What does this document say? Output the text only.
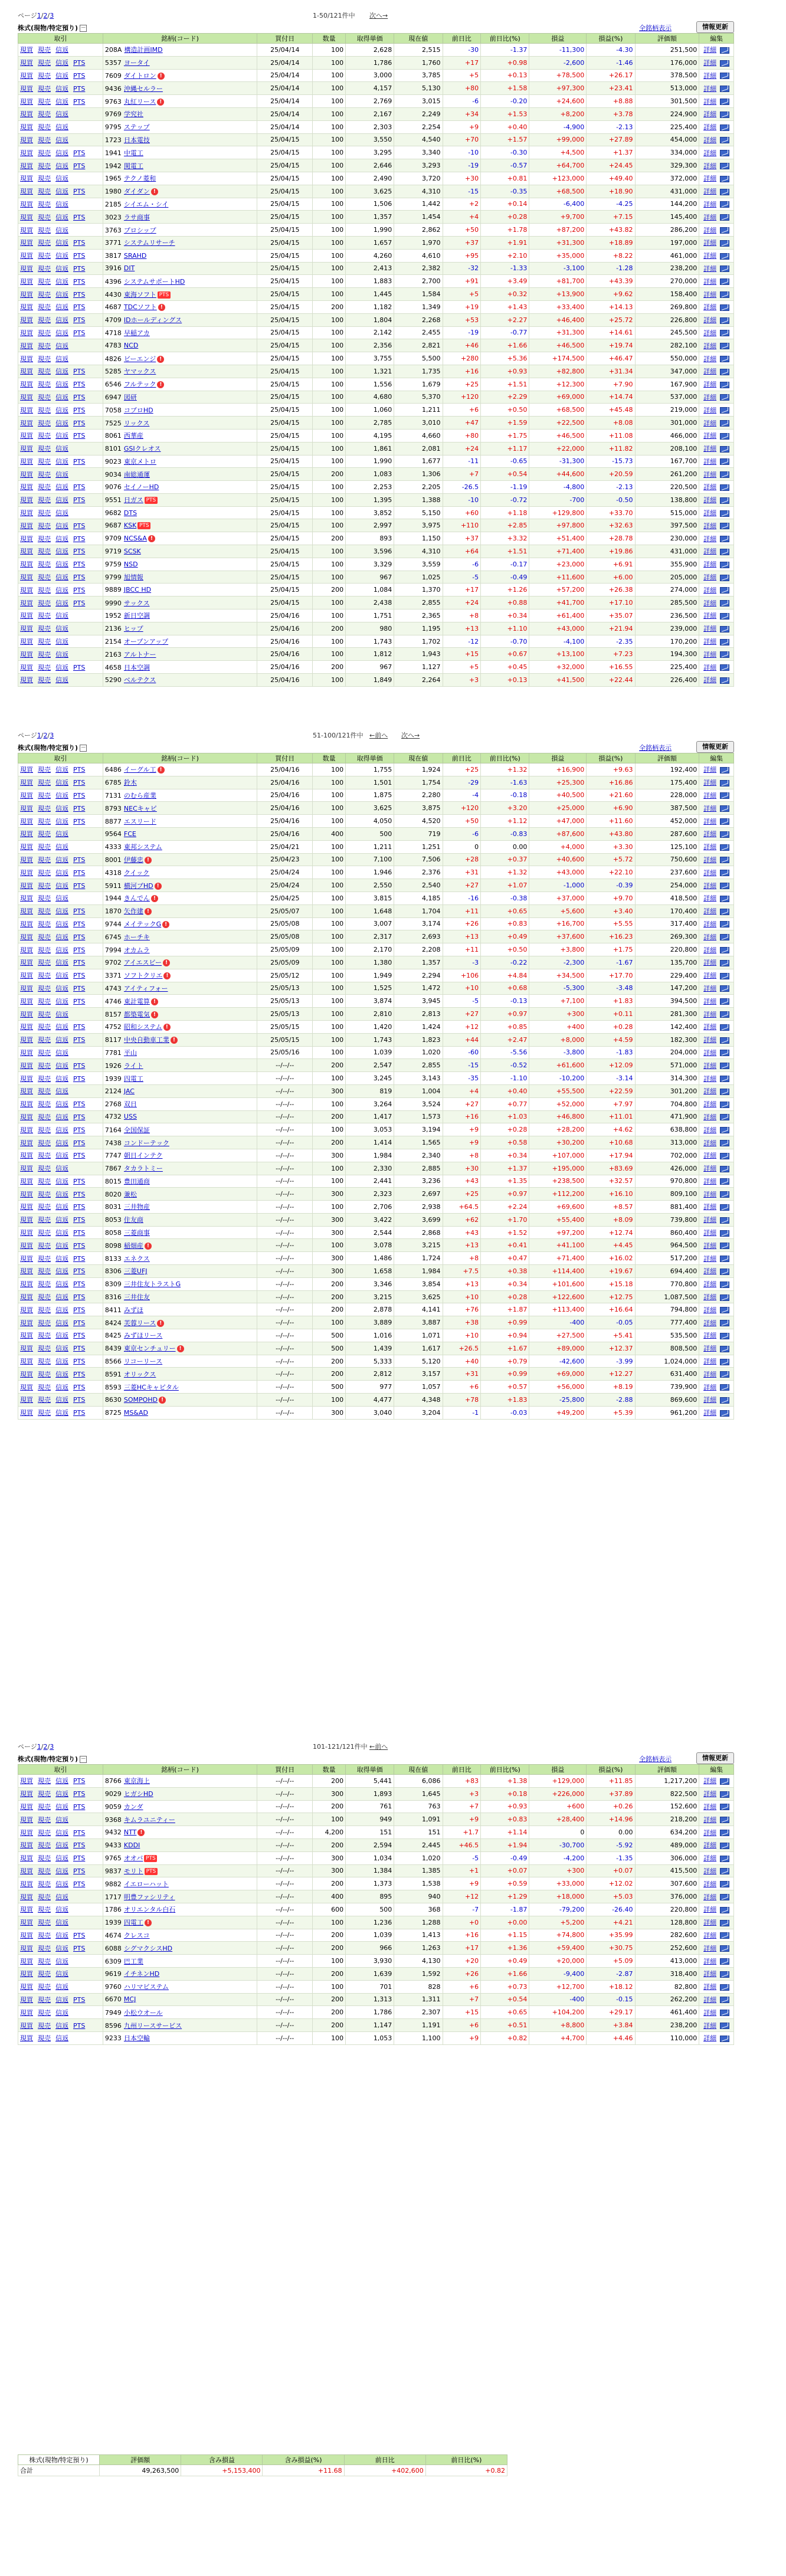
ページ1/2/3	1-50/121件中 次へ→
株式(現物/特定預り) －	全銘柄表示	情報更新
取引	銘柄(コード)	買付日	数量	取得単価	現在値	前日比	前日比(%)	損益	損益(%)	評価額	編集
現買 現売 信返	208A 構造計画IMD	25/04/14	100	2,628	2,515	-30	-1.37	-11,300	-4.30	251,500	詳細
現買 現売 信返 PTS	5357 ヨータイ	25/04/14	100	1,786	1,760	+17	+0.98	-2,600	-1.46	176,000	詳細
現買 現売 信返 PTS	7609 ダイトロン !	25/04/14	100	3,000	3,785	+5	+0.13	+78,500	+26.17	378,500	詳細
現買 現売 信返 PTS	9436 沖縄セルラー	25/04/14	100	4,157	5,130	+80	+1.58	+97,300	+23.41	513,000	詳細
現買 現売 信返 PTS	9763 丸紅リース !	25/04/14	100	2,769	3,015	-6	-0.20	+24,600	+8.88	301,500	詳細
現買 現売 信返	9769 学究社	25/04/14	100	2,167	2,249	+34	+1.53	+8,200	+3.78	224,900	詳細
現買 現売 信返	9795 ステップ	25/04/14	100	2,303	2,254	+9	+0.40	-4,900	-2.13	225,400	詳細
現買 現売 信返	1723 日本電技	25/04/15	100	3,550	4,540	+70	+1.57	+99,000	+27.89	454,000	詳細
現買 現売 信返 PTS	1941 中電工	25/04/15	100	3,295	3,340	-10	-0.30	+4,500	+1.37	334,000	詳細
現買 現売 信返 PTS	1942 関電工	25/04/15	100	2,646	3,293	-19	-0.57	+64,700	+24.45	329,300	詳細
現買 現売 信返	1965 テクノ菱和	25/04/15	100	2,490	3,720	+30	+0.81	+123,000	+49.40	372,000	詳細
現買 現売 信返 PTS	1980 ダイダン !	25/04/15	100	3,625	4,310	-15	-0.35	+68,500	+18.90	431,000	詳細
現買 現売 信返	2185 シイエム・シイ	25/04/15	100	1,506	1,442	+2	+0.14	-6,400	-4.25	144,200	詳細
現買 現売 信返 PTS	3023 ラサ商事	25/04/15	100	1,357	1,454	+4	+0.28	+9,700	+7.15	145,400	詳細
現買 現売 信返	3763 プロシップ	25/04/15	100	1,990	2,862	+50	+1.78	+87,200	+43.82	286,200	詳細
現買 現売 信返 PTS	3771 システムリサーチ	25/04/15	100	1,657	1,970	+37	+1.91	+31,300	+18.89	197,000	詳細
現買 現売 信返 PTS	3817 SRAHD	25/04/15	100	4,260	4,610	+95	+2.10	+35,000	+8.22	461,000	詳細
現買 現売 信返 PTS	3916 DIT	25/04/15	100	2,413	2,382	-32	-1.33	-3,100	-1.28	238,200	詳細
現買 現売 信返 PTS	4396 システムサポートHD	25/04/15	100	1,883	2,700	+91	+3.49	+81,700	+43.39	270,000	詳細
現買 現売 信返 PTS	4430 東海ソフト PTS	25/04/15	100	1,445	1,584	+5	+0.32	+13,900	+9.62	158,400	詳細
現買 現売 信返 PTS	4687 TDCソフト !	25/04/15	200	1,182	1,349	+19	+1.43	+33,400	+14.13	269,800	詳細
現買 現売 信返 PTS	4709 IDホールディングス	25/04/15	100	1,804	2,268	+53	+2.27	+46,400	+25.72	226,800	詳細
現買 現売 信返 PTS	4718 早稲アカ	25/04/15	100	2,142	2,455	-19	-0.77	+31,300	+14.61	245,500	詳細
現買 現売 信返	4783 NCD	25/04/15	100	2,356	2,821	+46	+1.66	+46,500	+19.74	282,100	詳細
現買 現売 信返	4826 ビーエンジ !	25/04/15	100	3,755	5,500	+280	+5.36	+174,500	+46.47	550,000	詳細
現買 現売 信返 PTS	5285 ヤマックス	25/04/15	100	1,321	1,735	+16	+0.93	+82,800	+31.34	347,000	詳細
現買 現売 信返 PTS	6546 フルテック !	25/04/15	100	1,556	1,679	+25	+1.51	+12,300	+7.90	167,900	詳細
現買 現売 信返 PTS	6947 図研	25/04/15	100	4,680	5,370	+120	+2.29	+69,000	+14.74	537,000	詳細
現買 現売 信返 PTS	7058 コプロHD	25/04/15	100	1,060	1,211	+6	+0.50	+68,500	+45.48	219,000	詳細
現買 現売 信返 PTS	7525 リックス	25/04/15	100	2,785	3,010	+47	+1.59	+22,500	+8.08	301,000	詳細
現買 現売 信返 PTS	8061 西華産	25/04/15	100	4,195	4,660	+80	+1.75	+46,500	+11.08	466,000	詳細
現買 現売 信返	8101 GSIクレオス	25/04/15	100	1,861	2,081	+24	+1.17	+22,000	+11.82	208,100	詳細
現買 現売 信返 PTS	9023 東京メトロ	25/04/15	100	1,990	1,677	-11	-0.65	-31,300	-15.73	167,700	詳細
現買 現売 信返	9034 南総通運	25/04/15	200	1,083	1,306	+7	+0.54	+44,600	+20.59	261,200	詳細
現買 現売 信返 PTS	9076 セイノーHD	25/04/15	100	2,253	2,205	-26.5	-1.19	-4,800	-2.13	220,500	詳細
現買 現売 信返 PTS	9551 日ガス PTS	25/04/15	100	1,395	1,388	-10	-0.72	-700	-0.50	138,800	詳細
現買 現売 信返	9682 DTS	25/04/15	100	3,852	5,150	+60	+1.18	+129,800	+33.70	515,000	詳細
現買 現売 信返 PTS	9687 KSK PTS	25/04/15	100	2,997	3,975	+110	+2.85	+97,800	+32.63	397,500	詳細
現買 現売 信返 PTS	9709 NCS&A !	25/04/15	200	893	1,150	+37	+3.32	+51,400	+28.78	230,000	詳細
現買 現売 信返 PTS	9719 SCSK	25/04/15	100	3,596	4,310	+64	+1.51	+71,400	+19.86	431,000	詳細
現買 現売 信返 PTS	9759 NSD	25/04/15	100	3,329	3,559	-6	-0.17	+23,000	+6.91	355,900	詳細
現買 現売 信返 PTS	9799 旭情報	25/04/15	100	967	1,025	-5	-0.49	+11,600	+6.00	205,000	詳細
現買 現売 信返 PTS	9889 JBCC HD	25/04/15	200	1,084	1,370	+17	+1.26	+57,200	+26.38	274,000	詳細
現買 現売 信返 PTS	9990 サックス	25/04/15	100	2,438	2,855	+24	+0.88	+41,700	+17.10	285,500	詳細
現買 現売 信返	1952 新日空調	25/04/16	100	1,751	2,365	+8	+0.34	+61,400	+35.07	236,500	詳細
現買 現売 信返	2136 ヒップ	25/04/16	200	980	1,195	+13	+1.10	+43,000	+21.94	239,000	詳細
現買 現売 信返	2154 オープンアップ	25/04/16	100	1,743	1,702	-12	-0.70	-4,100	-2.35	170,200	詳細
現買 現売 信返	2163 アルトナー	25/04/16	100	1,812	1,943	+15	+0.67	+13,100	+7.23	194,300	詳細
現買 現売 信返 PTS	4658 日本空調	25/04/16	200	967	1,127	+5	+0.45	+32,000	+16.55	225,400	詳細
現買 現売 信返	5290 ベルテクス	25/04/16	100	1,849	2,264	+3	+0.13	+41,500	+22.44	226,400	詳細
ページ1/2/3	51-100/121件中 ←前へ 次へ→
株式(現物/特定預り) －	全銘柄表示	情報更新
取引	銘柄(コード)	買付日	数量	取得単価	現在値	前日比	前日比(%)	損益	損益(%)	評価額	編集
現買 現売 信返 PTS	6486 イーグル工 !	25/04/16	100	1,755	1,924	+25	+1.32	+16,900	+9.63	192,400	詳細
現買 現売 信返 PTS	6785 鈴木	25/04/16	100	1,501	1,754	-29	-1.63	+25,300	+16.86	175,400	詳細
現買 現売 信返 PTS	7131 のむら産業	25/04/16	100	1,875	2,280	-4	-0.18	+40,500	+21.60	228,000	詳細
現買 現売 信返 PTS	8793 NECキャピ	25/04/16	100	3,625	3,875	+120	+3.20	+25,000	+6.90	387,500	詳細
現買 現売 信返 PTS	8877 エスリード	25/04/16	100	4,050	4,520	+50	+1.12	+47,000	+11.60	452,000	詳細
現買 現売 信返	9564 FCE	25/04/16	400	500	719	-6	-0.83	+87,600	+43.80	287,600	詳細
現買 現売 信返	4333 東邦システム	25/04/21	100	1,211	1,251	0	0.00	+4,000	+3.30	125,100	詳細
現買 現売 信返 PTS	8001 伊藤忠 !	25/04/23	100	7,100	7,506	+28	+0.37	+40,600	+5.72	750,600	詳細
現買 現売 信返 PTS	4318 クイック	25/04/24	100	1,946	2,376	+31	+1.32	+43,000	+22.10	237,600	詳細
現買 現売 信返 PTS	5911 横河ブHD !	25/04/24	100	2,550	2,540	+27	+1.07	-1,000	-0.39	254,000	詳細
現買 現売 信返	1944 きんでん !	25/04/25	100	3,815	4,185	-16	-0.38	+37,000	+9.70	418,500	詳細
現買 現売 信返 PTS	1870 矢作建 !	25/05/07	100	1,648	1,704	+11	+0.65	+5,600	+3.40	170,400	詳細
現買 現売 信返 PTS	9744 メイテックG !	25/05/08	100	3,007	3,174	+26	+0.83	+16,700	+5.55	317,400	詳細
現買 現売 信返 PTS	6745 ホーチキ	25/05/08	100	2,317	2,693	+13	+0.49	+37,600	+16.23	269,300	詳細
現買 現売 信返 PTS	7994 オカムラ	25/05/09	100	2,170	2,208	+11	+0.50	+3,800	+1.75	220,800	詳細
現買 現売 信返 PTS	9702 アイエスビー !	25/05/09	100	1,380	1,357	-3	-0.22	-2,300	-1.67	135,700	詳細
現買 現売 信返 PTS	3371 ソフトクリエ !	25/05/12	100	1,949	2,294	+106	+4.84	+34,500	+17.70	229,400	詳細
現買 現売 信返 PTS	4743 アイティフォー	25/05/13	100	1,525	1,472	+10	+0.68	-5,300	-3.48	147,200	詳細
現買 現売 信返 PTS	4746 東計電算 !	25/05/13	100	3,874	3,945	-5	-0.13	+7,100	+1.83	394,500	詳細
現買 現売 信返	8157 都築電気 !	25/05/13	100	2,810	2,813	+27	+0.97	+300	+0.11	281,300	詳細
現買 現売 信返 PTS	4752 昭和システム !	25/05/15	100	1,420	1,424	+12	+0.85	+400	+0.28	142,400	詳細
現買 現売 信返 PTS	8117 中央自動車工業 !	25/05/15	100	1,743	1,823	+44	+2.47	+8,000	+4.59	182,300	詳細
現買 現売 信返	7781 平山	25/05/16	100	1,039	1,020	-60	-5.56	-3,800	-1.83	204,000	詳細
現買 現売 信返 PTS	1926 ライト	--/--/--	200	2,547	2,855	-15	-0.52	+61,600	+12.09	571,000	詳細
現買 現売 信返 PTS	1939 四電工	--/--/--	100	3,245	3,143	-35	-1.10	-10,200	-3.14	314,300	詳細
現買 現売 信返	2124 JAC	--/--/--	300	819	1,004	+4	+0.40	+55,500	+22.59	301,200	詳細
現買 現売 信返 PTS	2768 双日	--/--/--	100	3,264	3,524	+27	+0.77	+52,000	+7.97	704,800	詳細
現買 現売 信返 PTS	4732 USS	--/--/--	200	1,417	1,573	+16	+1.03	+46,800	+11.01	471,900	詳細
現買 現売 信返 PTS	7164 全国保証	--/--/--	100	3,053	3,194	+9	+0.28	+28,200	+4.62	638,800	詳細
現買 現売 信返 PTS	7438 コンドーテック	--/--/--	200	1,414	1,565	+9	+0.58	+30,200	+10.68	313,000	詳細
現買 現売 信返 PTS	7747 朝日インテク	--/--/--	300	1,984	2,340	+8	+0.34	+107,000	+17.94	702,000	詳細
現買 現売 信返	7867 タカラトミー	--/--/--	100	2,330	2,885	+30	+1.37	+195,000	+83.69	426,000	詳細
現買 現売 信返 PTS	8015 豊田通商	--/--/--	100	2,441	3,236	+43	+1.35	+238,500	+32.57	970,800	詳細
現買 現売 信返 PTS	8020 兼松	--/--/--	300	2,323	2,697	+25	+0.97	+112,200	+16.10	809,100	詳細
現買 現売 信返 PTS	8031 三井物産	--/--/--	100	2,706	2,938	+64.5	+2.24	+69,600	+8.57	881,400	詳細
現買 現売 信返 PTS	8053 住友商	--/--/--	300	3,422	3,699	+62	+1.70	+55,400	+8.09	739,800	詳細
現買 現売 信返 PTS	8058 三菱商事	--/--/--	300	2,544	2,868	+43	+1.52	+97,200	+12.74	860,400	詳細
現買 現売 信返 PTS	8098 稲畑産 !	--/--/--	100	3,078	3,215	+13	+0.41	+41,100	+4.45	964,500	詳細
現買 現売 信返 PTS	8133 エネクス	--/--/--	300	1,486	1,724	+8	+0.47	+71,400	+16.02	517,200	詳細
現買 現売 信返 PTS	8306 三菱UFJ	--/--/--	300	1,658	1,984	+7.5	+0.38	+114,400	+19.67	694,400	詳細
現買 現売 信返 PTS	8309 三井住友トラストG	--/--/--	200	3,346	3,854	+13	+0.34	+101,600	+15.18	770,800	詳細
現買 現売 信返 PTS	8316 三井住友	--/--/--	200	3,215	3,625	+10	+0.28	+122,600	+12.75	1,087,500	詳細
現買 現売 信返 PTS	8411 みずほ	--/--/--	200	2,878	4,141	+76	+1.87	+113,400	+16.64	794,800	詳細
現買 現売 信返 PTS	8424 芙蓉リース !	--/--/--	100	3,889	3,887	+38	+0.99	-400	-0.05	777,400	詳細
現買 現売 信返 PTS	8425 みずほリース	--/--/--	500	1,016	1,071	+10	+0.94	+27,500	+5.41	535,500	詳細
現買 現売 信返 PTS	8439 東京センチュリー !	--/--/--	500	1,439	1,617	+26.5	+1.67	+89,000	+12.37	808,500	詳細
現買 現売 信返 PTS	8566 リコーリース	--/--/--	200	5,333	5,120	+40	+0.79	-42,600	-3.99	1,024,000	詳細
現買 現売 信返 PTS	8591 オリックス	--/--/--	200	2,812	3,157	+31	+0.99	+69,000	+12.27	631,400	詳細
現買 現売 信返 PTS	8593 三菱HCキャピタル	--/--/--	500	977	1,057	+6	+0.57	+56,000	+8.19	739,900	詳細
現買 現売 信返 PTS	8630 SOMPOHD !	--/--/--	100	4,477	4,348	+78	+1.83	-25,800	-2.88	869,600	詳細
現買 現売 信返 PTS	8725 MS&AD	--/--/--	300	3,040	3,204	-1	-0.03	+49,200	+5.39	961,200	詳細
ページ1/2/3	101-121/121件中 ←前へ
株式(現物/特定預り) －	全銘柄表示	情報更新
取引	銘柄(コード)	買付日	数量	取得単価	現在値	前日比	前日比(%)	損益	損益(%)	評価額	編集
現買 現売 信返 PTS	8766 東京海上	--/--/--	200	5,441	6,086	+83	+1.38	+129,000	+11.85	1,217,200	詳細
現買 現売 信返 PTS	9029 ヒガシHD	--/--/--	300	1,893	1,645	+3	+0.18	+226,000	+37.89	822,500	詳細
現買 現売 信返 PTS	9059 カンダ	--/--/--	200	761	763	+7	+0.93	+600	+0.26	152,600	詳細
現買 現売 信返	9368 キムラユニティー	--/--/--	100	949	1,091	+9	+0.83	+28,400	+14.96	218,200	詳細
現買 現売 信返 PTS	9432 NTT !	--/--/--	4,200	151	151	+1.7	+1.14	0	0.00	634,200	詳細
現買 現売 信返 PTS	9433 KDDI	--/--/--	200	2,594	2,445	+46.5	+1.94	-30,700	-5.92	489,000	詳細
現買 現売 信返 PTS	9765 オオバ PTS	--/--/--	300	1,034	1,020	-5	-0.49	-4,200	-1.35	306,000	詳細
現買 現売 信返 PTS	9837 モリト PTS	--/--/--	300	1,384	1,385	+1	+0.07	+300	+0.07	415,500	詳細
現買 現売 信返 PTS	9882 イエローハット	--/--/--	200	1,373	1,538	+9	+0.59	+33,000	+12.02	307,600	詳細
現買 現売 信返	1717 明豊ファシリティ	--/--/--	400	895	940	+12	+1.29	+18,000	+5.03	376,000	詳細
現買 現売 信返	1786 オリエンタル白石	--/--/--	600	500	368	-7	-1.87	-79,200	-26.40	220,800	詳細
現買 現売 信返	1939 四電工 !	--/--/--	100	1,236	1,288	+0	+0.00	+5,200	+4.21	128,800	詳細
現買 現売 信返 PTS	4674 クレスコ	--/--/--	200	1,039	1,413	+16	+1.15	+74,800	+35.99	282,600	詳細
現買 現売 信返 PTS	6088 シグマクシスHD	--/--/--	200	966	1,263	+17	+1.36	+59,400	+30.75	252,600	詳細
現買 現売 信返	6309 巴工業	--/--/--	100	3,930	4,130	+20	+0.49	+20,000	+5.09	413,000	詳細
現買 現売 信返	9619 イチネンHD	--/--/--	200	1,639	1,592	+26	+1.66	-9,400	-2.87	318,400	詳細
現買 現売 信返	9760 ハリマビステム	--/--/--	100	701	828	+6	+0.73	+12,700	+18.12	82,800	詳細
現買 現売 信返 PTS	6670 MCJ	--/--/--	200	1,313	1,311	+7	+0.54	-400	-0.15	262,200	詳細
現買 現売 信返	7949 小松ウオール	--/--/--	200	1,786	2,307	+15	+0.65	+104,200	+29.17	461,400	詳細
現買 現売 信返 PTS	8596 九州リースサービス	--/--/--	200	1,147	1,191	+6	+0.51	+8,800	+3.84	238,200	詳細
現買 現売 信返	9233 日本空輸	--/--/--	100	1,053	1,100	+9	+0.82	+4,700	+4.46	110,000	詳細
株式(現物/特定預り)	評価額	含み損益	含み損益(%)	前日比	前日比(%)
合計	49,263,500	+5,153,400	+11.68	+402,600	+0.82
